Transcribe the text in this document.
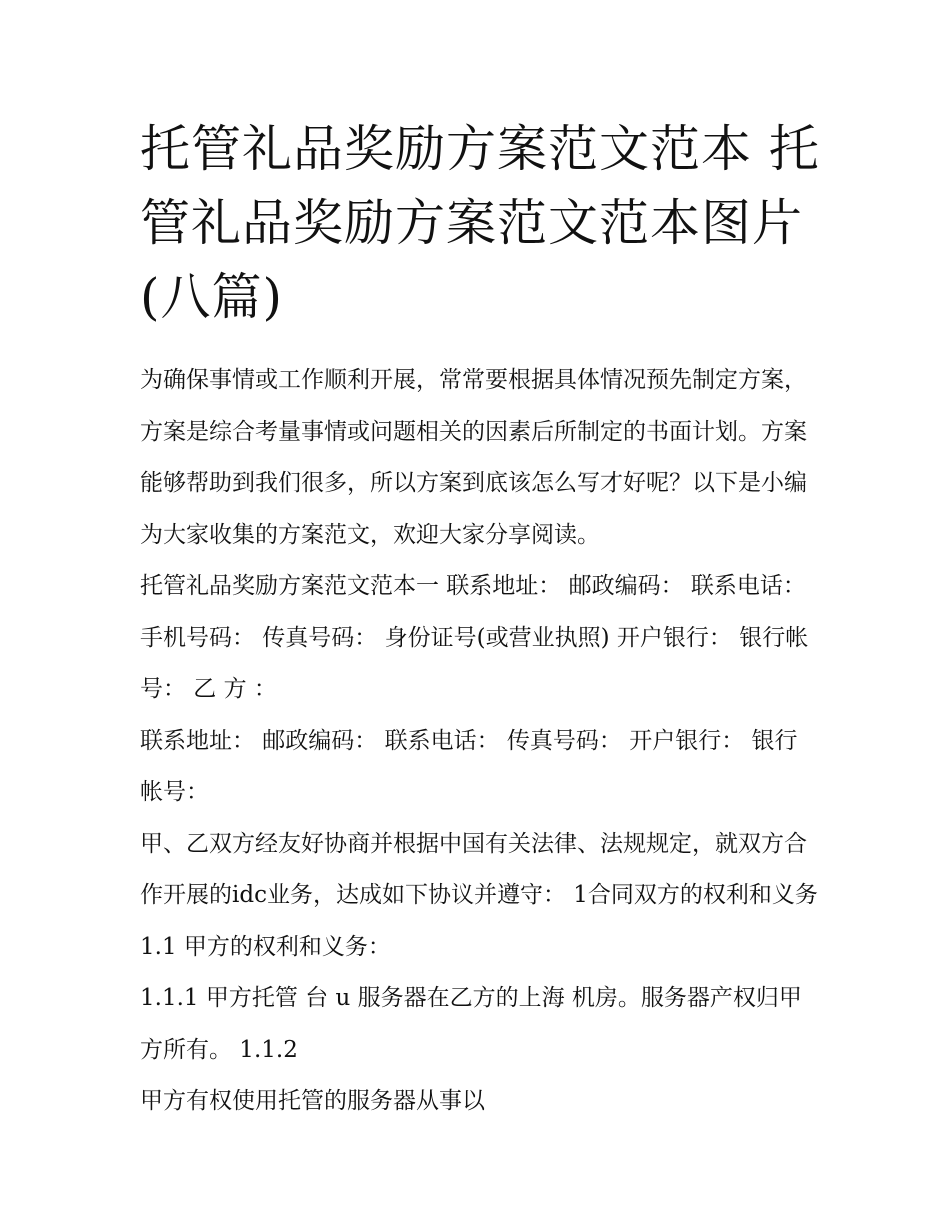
托管礼品奖励方案范文范本 托管礼品奖励方案范文范本图片(八篇)

为确保事情或工作顺利开展，常常要根据具体情况预先制定方案，方案是综合考量事情或问题相关的因素后所制定的书面计划。方案能够帮助到我们很多，所以方案到底该怎么写才好呢？以下是小编为大家收集的方案范文，欢迎大家分享阅读。

托管礼品奖励方案范文范本一 联系地址： 邮政编码： 联系电话： 手机号码： 传真号码： 身份证号(或营业执照) 开户银行： 银行帐号： 乙 方 ：

联系地址： 邮政编码： 联系电话： 传真号码： 开户银行： 银行帐号：

甲、乙双方经友好协商并根据中国有关法律、法规规定，就双方合作开展的idc业务，达成如下协议并遵守： 1合同双方的权利和义务 1.1 甲方的权利和义务：

1.1.1 甲方托管 台 u 服务器在乙方的上海 机房。服务器产权归甲方所有。 1.1.2

甲方有权使用托管的服务器从事以
